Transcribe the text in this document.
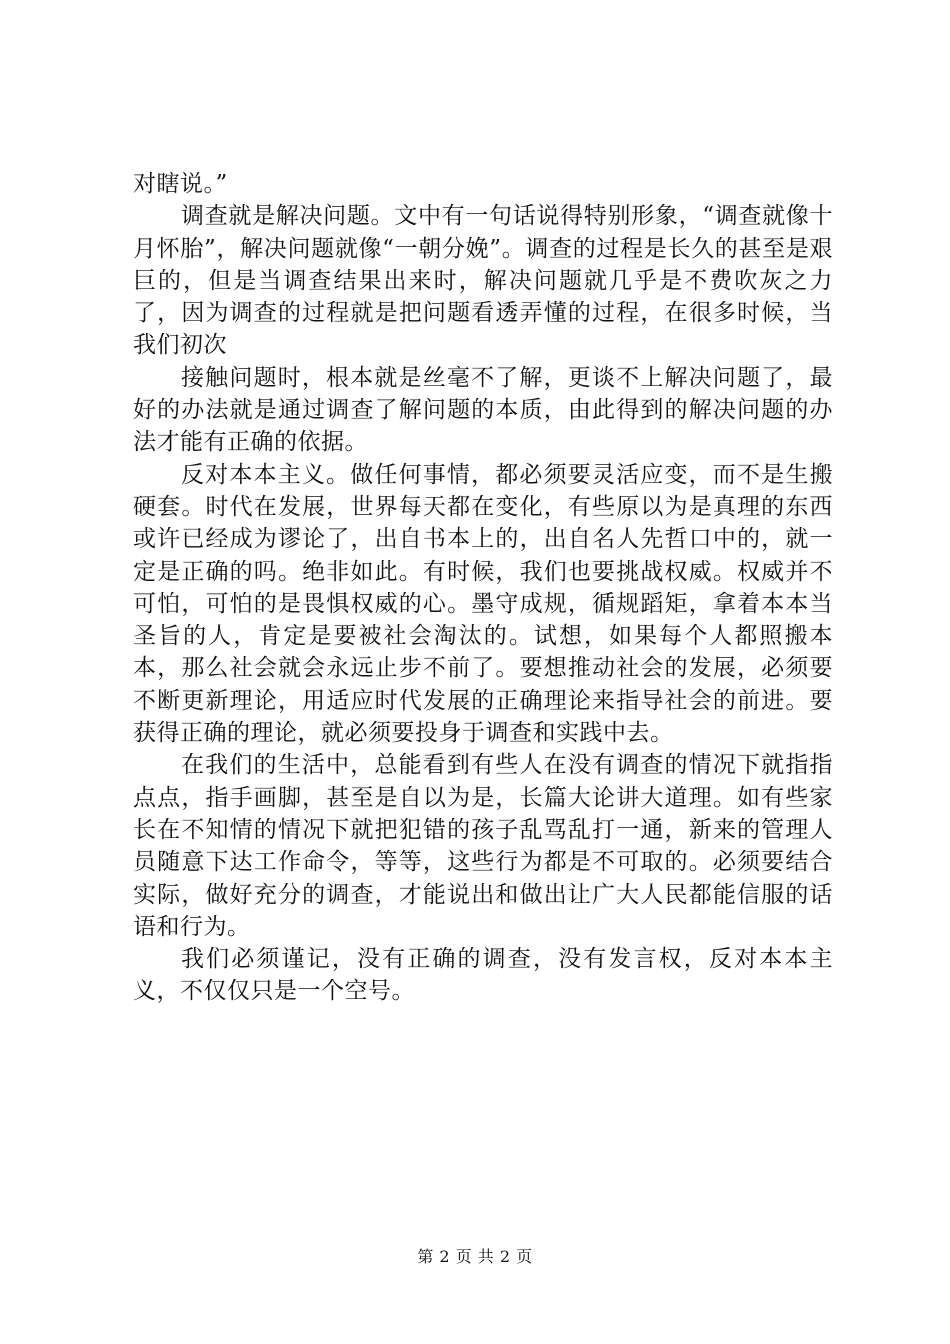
对瞎说。”

调查就是解决问题。文中有一句话说得特别形象，“调查就像十月怀胎”，解决问题就像“一朝分娩”。调查的过程是长久的甚至是艰巨的，但是当调查结果出来时，解决问题就几乎是不费吹灰之力了，因为调查的过程就是把问题看透弄懂的过程，在很多时候，当我们初次

接触问题时，根本就是丝毫不了解，更谈不上解决问题了，最好的办法就是通过调查了解问题的本质，由此得到的解决问题的办法才能有正确的依据。

反对本本主义。做任何事情，都必须要灵活应变，而不是生搬硬套。时代在发展，世界每天都在变化，有些原以为是真理的东西或许已经成为谬论了，出自书本上的，出自名人先哲口中的，就一定是正确的吗。绝非如此。有时候，我们也要挑战权威。权威并不可怕，可怕的是畏惧权威的心。墨守成规，循规蹈矩，拿着本本当圣旨的人，肯定是要被社会淘汰的。试想，如果每个人都照搬本本，那么社会就会永远止步不前了。要想推动社会的发展，必须要不断更新理论，用适应时代发展的正确理论来指导社会的前进。要获得正确的理论，就必须要投身于调查和实践中去。

在我们的生活中，总能看到有些人在没有调查的情况下就指指点点，指手画脚，甚至是自以为是，长篇大论讲大道理。如有些家长在不知情的情况下就把犯错的孩子乱骂乱打一通，新来的管理人员随意下达工作命令，等等，这些行为都是不可取的。必须要结合实际，做好充分的调查，才能说出和做出让广大人民都能信服的话语和行为。

我们必须谨记，没有正确的调查，没有发言权，反对本本主义，不仅仅只是一个空号。

第 2 页 共 2 页
